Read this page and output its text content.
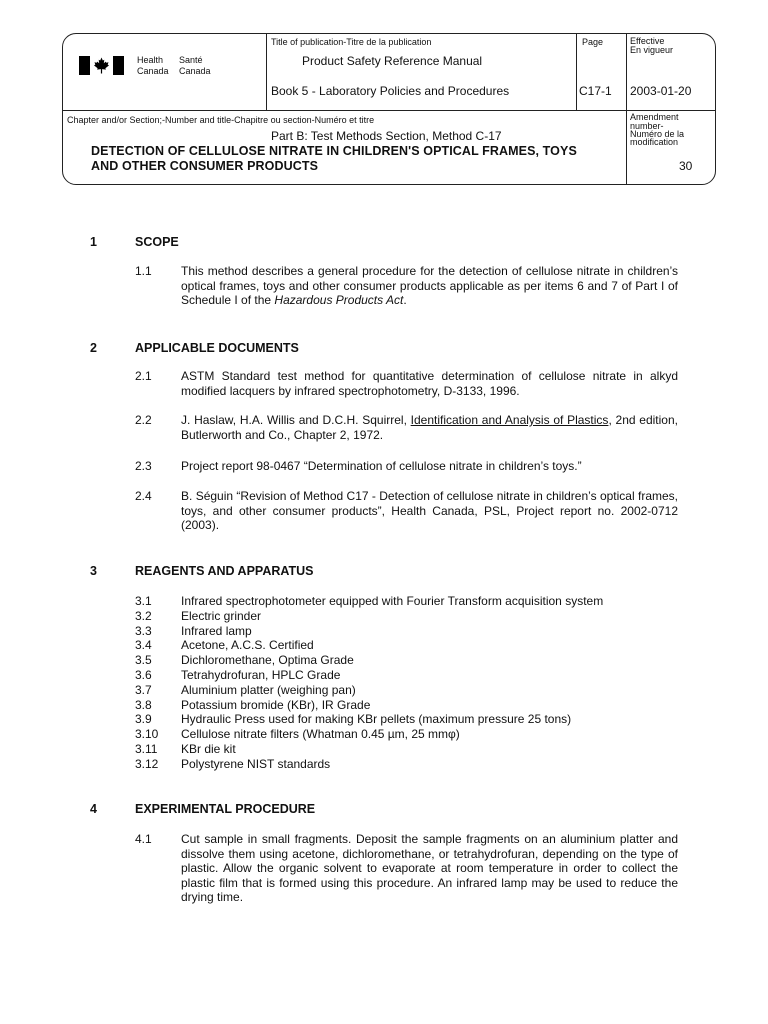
Health
Canada
Santé
Canada
Title of publication-Titre de la publication
Product Safety Reference Manual
Book 5 - Laboratory Policies and Procedures
Page
C17-1
Effective
En vigueur
2003-01-20
Chapter and/or Section;-Number and title-Chapitre ou section-Numéro et titre
Part B: Test Methods Section, Method C-17
DETECTION OF CELLULOSE NITRATE IN CHILDREN'S OPTICAL FRAMES, TOYS
AND OTHER CONSUMER PRODUCTS
Amendment
number-
Numéro de la
modification
30
1	SCOPE
1.1 This method describes a general procedure for the detection of cellulose nitrate in children’s optical frames, toys and other consumer products applicable as per items 6 and 7 of Part I of Schedule I of the Hazardous Products Act.
2	APPLICABLE DOCUMENTS
2.1 ASTM Standard test method for quantitative determination of cellulose nitrate in alkyd modified lacquers by infrared spectrophotometry, D-3133, 1996.
2.2 J. Haslaw, H.A. Willis and D.C.H. Squirrel, Identification and Analysis of Plastics, 2nd edition, Butlerworth and Co., Chapter 2, 1972.
2.3 Project report 98-0467 “Determination of cellulose nitrate in children’s toys.”
2.4 B. Séguin “Revision of Method C17 - Detection of cellulose nitrate in children’s optical frames, toys, and other consumer products”, Health Canada, PSL, Project report no. 2002-0712 (2003).
3	REAGENTS AND APPARATUS
3.1 Infrared spectrophotometer equipped with Fourier Transform acquisition system
3.2 Electric grinder
3.3 Infrared lamp
3.4 Acetone, A.C.S. Certified
3.5 Dichloromethane, Optima Grade
3.6 Tetrahydrofuran, HPLC Grade
3.7 Aluminium platter (weighing pan)
3.8 Potassium bromide (KBr), IR Grade
3.9 Hydraulic Press used for making KBr pellets (maximum pressure 25 tons)
3.10 Cellulose nitrate filters (Whatman 0.45 µm, 25 mmφ)
3.11 KBr die kit
3.12 Polystyrene NIST standards
4	EXPERIMENTAL PROCEDURE
4.1 Cut sample in small fragments. Deposit the sample fragments on an aluminium platter and dissolve them using acetone, dichloromethane, or tetrahydrofuran, depending on the type of plastic. Allow the organic solvent to evaporate at room temperature in order to collect the plastic film that is formed using this procedure. An infrared lamp may be used to reduce the drying time.
